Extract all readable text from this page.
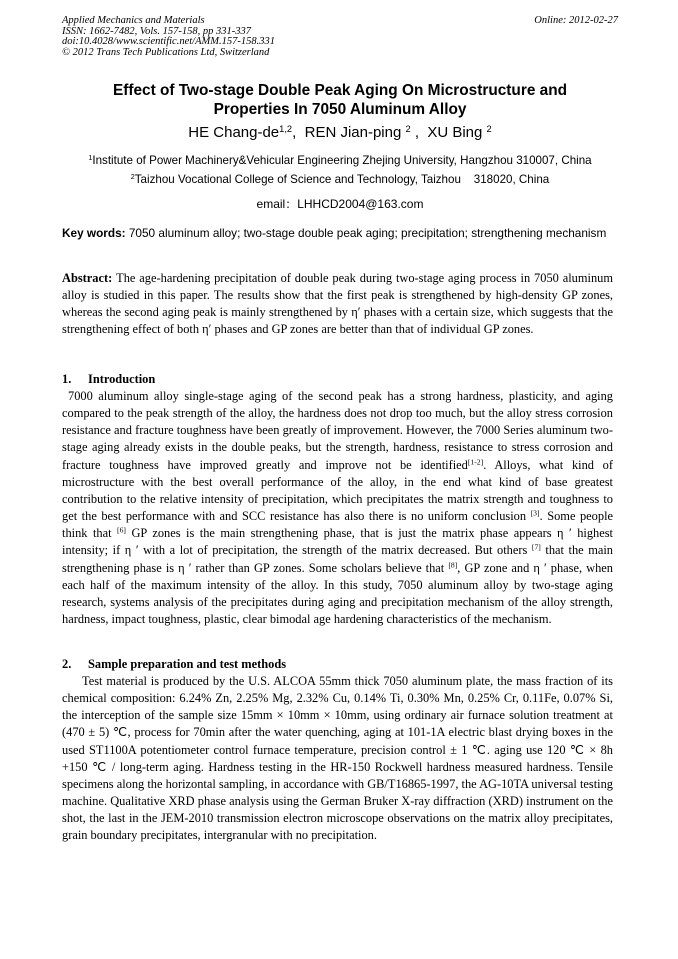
Applied Mechanics and Materials
ISSN: 1662-7482, Vols. 157-158, pp 331-337
doi:10.4028/www.scientific.net/AMM.157-158.331
© 2012 Trans Tech Publications Ltd, Switzerland
Online: 2012-02-27
Effect of Two-stage Double Peak Aging On Microstructure and
Properties In 7050 Aluminum Alloy
HE Chang-de$^{1,2}$,  REN Jian-ping $^2$ ,  XU Bing $^2$
$^1$Institute of Power Machinery&Vehicular Engineering Zhejing University, Hangzhou 310007, China
$^2$Taizhou Vocational College of Science and Technology, Taizhou    318020, China
email：LHHCD2004@163.com
Key words: 7050 aluminum alloy; two-stage double peak aging; precipitation; strengthening mechanism
Abstract: The age-hardening precipitation of double peak during two-stage aging process in 7050 aluminum alloy is studied in this paper. The results show that the first peak is strengthened by high-density GP zones, whereas the second aging peak is mainly strengthened by η′ phases with a certain size, which suggests that the strengthening effect of both η′ phases and GP zones are better than that of individual GP zones.
1. Introduction
7000 aluminum alloy single-stage aging of the second peak has a strong hardness, plasticity, and aging compared to the peak strength of the alloy, the hardness does not drop too much, but the alloy stress corrosion resistance and fracture toughness have been greatly of improvement. However, the 7000 Series aluminum two-stage aging already exists in the double peaks, but the strength, hardness, resistance to stress corrosion and fracture toughness have improved greatly and improve not be identified[1-2]. Alloys, what kind of microstructure with the best overall performance of the alloy, in the end what kind of base greatest contribution to the relative intensity of precipitation, which precipitates the matrix strength and toughness to get the best performance with and SCC resistance has also there is no uniform conclusion [3]. Some people think that [6] GP zones is the main strengthening phase, that is just the matrix phase appears η ′ highest intensity; if η ′ with a lot of precipitation, the strength of the matrix decreased. But others [7] that the main strengthening phase is η ′ rather than GP zones. Some scholars believe that [8], GP zone and η ′ phase, when each half of the maximum intensity of the alloy. In this study, 7050 aluminum alloy by two-stage aging research, systems analysis of the precipitates during aging and precipitation mechanism of the alloy strength, hardness, impact toughness, plastic, clear bimodal age hardening characteristics of the mechanism.
2. Sample preparation and test methods
Test material is produced by the U.S. ALCOA 55mm thick 7050 aluminum plate, the mass fraction of its chemical composition: 6.24% Zn, 2.25% Mg, 2.32% Cu, 0.14% Ti, 0.30% Mn, 0.25% Cr, 0.11Fe, 0.07% Si, the interception of the sample size 15mm × 10mm × 10mm, using ordinary air furnace solution treatment at (470 ± 5) ℃, process for 70min after the water quenching, aging at 101-1A electric blast drying boxes in the used ST1100A potentiometer control furnace temperature, precision control ± 1 ℃. aging use 120 ℃ × 8h +150 ℃ / long-term aging. Hardness testing in the HR-150 Rockwell hardness measured hardness. Tensile specimens along the horizontal sampling, in accordance with GB/T16865-1997, the AG-10TA universal testing machine. Qualitative XRD phase analysis using the German Bruker X-ray diffraction (XRD) instrument on the shot, the last in the JEM-2010 transmission electron microscope observations on the matrix alloy precipitates, grain boundary precipitates, intergranular with no precipitation.
